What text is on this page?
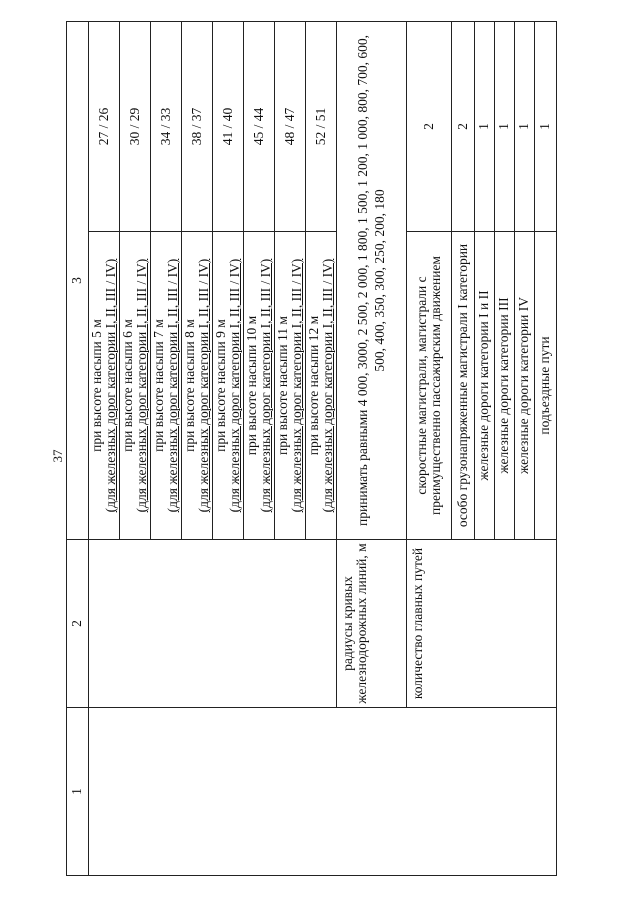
37
1	2	3	

		при высоте насыпи 5 м (для железных дорог категории I, II, III / IV)	27 / 26

		при высоте насыпи 6 м (для железных дорог категории I, II, III / IV)	30 / 29

		при высоте насыпи 7 м (для железных дорог категории I, II, III / IV)	34 / 33

		при высоте насыпи 8 м (для железных дорог категории I, II, III / IV)	38 / 37

		при высоте насыпи 9 м (для железных дорог категории I, II, III / IV)	41 / 40

		при высоте насыпи 10 м (для железных дорог категории I, II, III / IV)	45 / 44

		при высоте насыпи 11 м (для железных дорог категории I, II, III / IV)	48 / 47

		при высоте насыпи 12 м (для железных дорог категории I, II, III / IV)	52 / 51
	радиусы кривых железнодорожных линий, м	принимать равными 4 000, 3000, 2 500, 2 000, 1 800, 1 500, 1 200, 1 000, 800, 700, 600, 500, 400, 350, 300, 250, 200, 180	
	количество главных путей	скоростные магистрали, магистрали с преимущественно пассажирским движением	2
		особо грузонапряженные магистрали I категории	2
		железные дороги категории I и II	1
		железные дороги категории III	1
		железные дороги категории IV	1
		подъездные пути	1
